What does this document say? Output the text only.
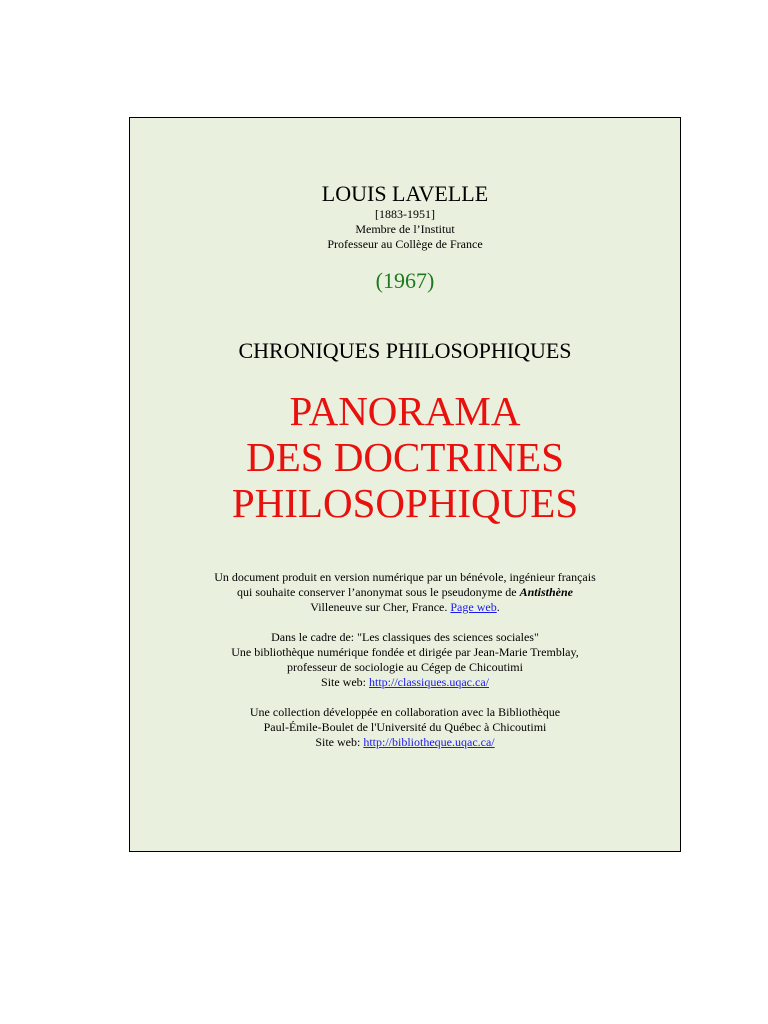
LOUIS LAVELLE
[1883-1951]
Membre de l’Institut
Professeur au Collège de France
(1967)
CHRONIQUES PHILOSOPHIQUES
PANORAMA
DES DOCTRINES
PHILOSOPHIQUES

Un document produit en version numérique par un bénévole, ingénieur français
qui souhaite conserver l’anonymat sous le pseudonyme de Antisthène
Villeneuve sur Cher, France. Page web.

Dans le cadre de: "Les classiques des sciences sociales"
Une bibliothèque numérique fondée et dirigée par Jean-Marie Tremblay,
professeur de sociologie au Cégep de Chicoutimi
Site web: http://classiques.uqac.ca/

Une collection développée en collaboration avec la Bibliothèque
Paul-Émile-Boulet de l'Université du Québec à Chicoutimi
Site web: http://bibliotheque.uqac.ca/
